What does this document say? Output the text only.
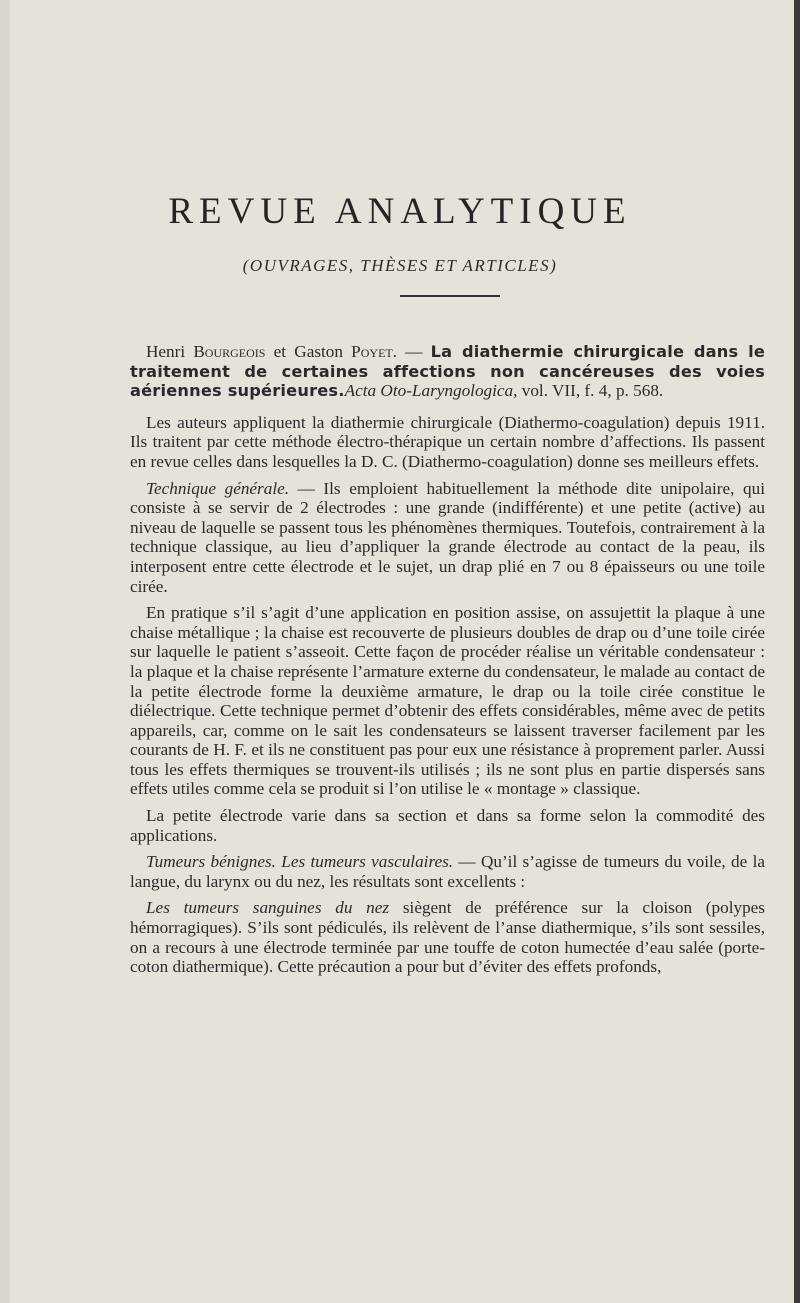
REVUE ANALYTIQUE
(OUVRAGES, THÈSES ET ARTICLES)

Henri Bourgeois et Gaston Poyet. — La diathermie chirurgicale dans le traitement de certaines affections non cancéreuses des voies aériennes supérieures.Acta Oto-Laryngologica, vol. VII, f. 4, p. 568.

Les auteurs appliquent la diathermie chirurgicale (Diathermo-coagulation) depuis 1911. Ils traitent par cette méthode électro-thérapique un certain nombre d’affections. Ils passent en revue celles dans lesquelles la D. C. (Diathermo-coagulation) donne ses meilleurs effets.

Technique générale. — Ils emploient habituellement la méthode dite unipolaire, qui consiste à se servir de 2 électrodes : une grande (indifférente) et une petite (active) au niveau de laquelle se passent tous les phénomènes thermiques. Toutefois, contrairement à la technique classique, au lieu d’appliquer la grande électrode au contact de la peau, ils interposent entre cette électrode et le sujet, un drap plié en 7 ou 8 épaisseurs ou une toile cirée.

En pratique s’il s’agit d’une application en position assise, on assujettit la plaque à une chaise métallique ; la chaise est recouverte de plusieurs doubles de drap ou d’une toile cirée sur laquelle le patient s’asseoit. Cette façon de procéder réalise un véritable condensateur : la plaque et la chaise représente l’armature externe du condensateur, le malade au contact de la petite électrode forme la deuxième armature, le drap ou la toile cirée constitue le diélectrique. Cette technique permet d’obtenir des effets considérables, même avec de petits appareils, car, comme on le sait les condensateurs se laissent traverser facilement par les courants de H. F. et ils ne constituent pas pour eux une résistance à proprement parler. Aussi tous les effets thermiques se trouvent-ils utilisés ; ils ne sont plus en partie dispersés sans effets utiles comme cela se produit si l’on utilise le « montage » classique.

La petite électrode varie dans sa section et dans sa forme selon la commodité des applications.

Tumeurs bénignes. Les tumeurs vasculaires. — Qu’il s’agisse de tumeurs du voile, de la langue, du larynx ou du nez, les résultats sont excellents :

Les tumeurs sanguines du nez siègent de préférence sur la cloison (polypes hémorragiques). S’ils sont pédiculés, ils relèvent de l’anse diathermique, s’ils sont sessiles, on a recours à une électrode terminée par une touffe de coton humectée d’eau salée (porte-coton diathermique). Cette précaution a pour but d’éviter des effets profonds,
